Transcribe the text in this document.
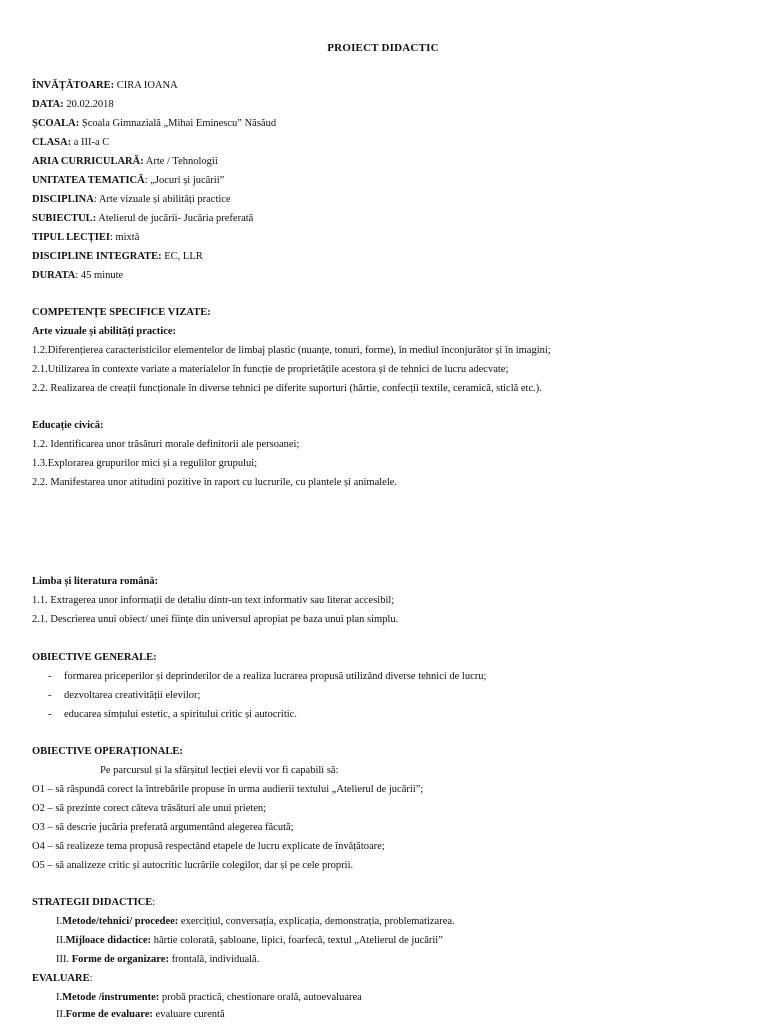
PROIECT DIDACTIC
ÎNVĂȚĂTOARE: CIRA IOANA
DATA: 20.02.2018
ȘCOALA: Școala Gimnazială „Mihai Eminescu” Năsăud
CLASA: a III-a C
ARIA CURRICULARĂ: Arte / Tehnologii
UNITATEA TEMATICĂ: „Jocuri și jucării”
DISCIPLINA: Arte vizuale și abilități practice
SUBIECTUL: Atelierul de jucării- Jucăria preferată
TIPUL LECȚIEI: mixtă
DISCIPLINE INTEGRATE: EC, LLR
DURATA: 45 minute
COMPETENȚE SPECIFICE VIZATE:
Arte vizuale și abilități practice:
1.2.Diferențierea caracteristicilor elementelor de limbaj plastic (nuanțe, tonuri, forme), în mediul înconjurător și în imagini;
2.1.Utilizarea în contexte variate a materialelor în funcție de proprietățile acestora și de tehnici de lucru adecvate;
2.2. Realizarea de creații funcționale în diverse tehnici pe diferite suporturi (hârtie, confecții textile, ceramică, sticlă etc.).
Educație civică:
1.2. Identificarea unor trăsături morale definitorii ale persoanei;
1.3.Explorarea grupurilor mici și a regulilor grupului;
2.2. Manifestarea unor atitudini pozitive în raport cu lucrurile, cu plantele și animalele.
Limba și literatura română:
1.1. Extragerea unor informații de detaliu dintr-un text informativ sau literar accesibil;
2.1. Descrierea unui obiect/ unei ființe din universul apropiat pe baza unui plan simplu.
OBIECTIVE GENERALE:
- formarea priceperilor și deprinderilor de a realiza lucrarea propusă utilizând diverse tehnici de lucru;
- dezvoltarea creativității elevilor;
- educarea simțului estetic, a spiritului critic și autocritic.
OBIECTIVE OPERAȚIONALE:
Pe parcursul și la sfârșitul lecției elevii vor fi capabili să:
O1 – să răspundă corect la întrebările propuse în urma audierii textului „Atelierul de jucării”;
O2 – să prezinte corect câteva trăsături ale unui prieten;
O3 – să descrie jucăria preferată argumentând alegerea făcută;
O4 – să realizeze tema propusă respectând etapele de lucru explicate de învățătoare;
O5 – să analizeze critic și autocritic lucrările colegilor, dar și pe cele proprii.
STRATEGII DIDACTICE:
I.Metode/tehnici/ procedee: exercițiul, conversația, explicația, demonstrația, problematizarea.
II.Mijloace didactice: hârtie colorată, șabloane, lipici, foarfecă, textul „Atelierul de jucării”
III. Forme de organizare: frontală, individuală.
EVALUARE:
I.Metode /instrumente: probă practică, chestionare orală, autoevaluarea
II.Forme de evaluare: evaluare curentă
